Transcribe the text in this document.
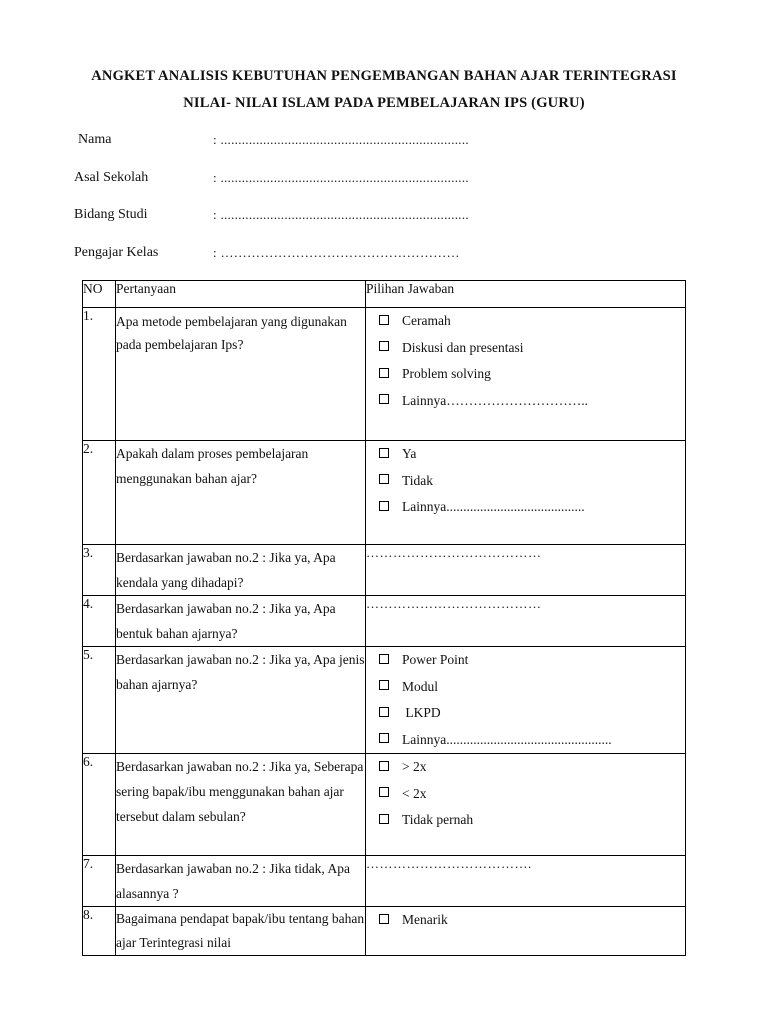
ANGKET ANALISIS KEBUTUHAN PENGEMBANGAN BAHAN AJAR TERINTEGRASI
NILAI- NILAI ISLAM PADA PEMBELAJARAN IPS (GURU)
Nama	: ......................................................................
Asal Sekolah	: ......................................................................
Bidang Studi	: ......................................................................
Pengajar Kelas	: ………………………………………………
NO	Pertanyaan	Pilihan Jawaban
1.	Apa metode pembelajaran yang digunakan pada pembelajaran Ips?	Ceramah
Diskusi dan presentasi
Problem solving
Lainnya…………………………..

2.	Apakah dalam proses pembelajaran menggunakan bahan ajar?	Ya
Tidak
Lainnya.........................................

3.	Berdasarkan jawaban no.2 : Jika ya, Apa kendala yang dihadapi?	…………………………………
4.	Berdasarkan jawaban no.2 : Jika ya, Apa bentuk bahan ajarnya?	…………………………………
5.	Berdasarkan jawaban no.2 : Jika ya, Apa jenis bahan ajarnya?	Power Point
Modul
LKPD
Lainnya.................................................

6.	Berdasarkan jawaban no.2 : Jika ya, Seberapa sering bapak/ibu menggunakan bahan ajar tersebut dalam sebulan?	> 2x
< 2x
Tidak pernah

7.	Berdasarkan jawaban no.2 : Jika tidak, Apa alasannya ?	……………………………….
8.	Bagaimana pendapat bapak/ibu tentang bahan ajar Terintegrasi nilai	Menarik
